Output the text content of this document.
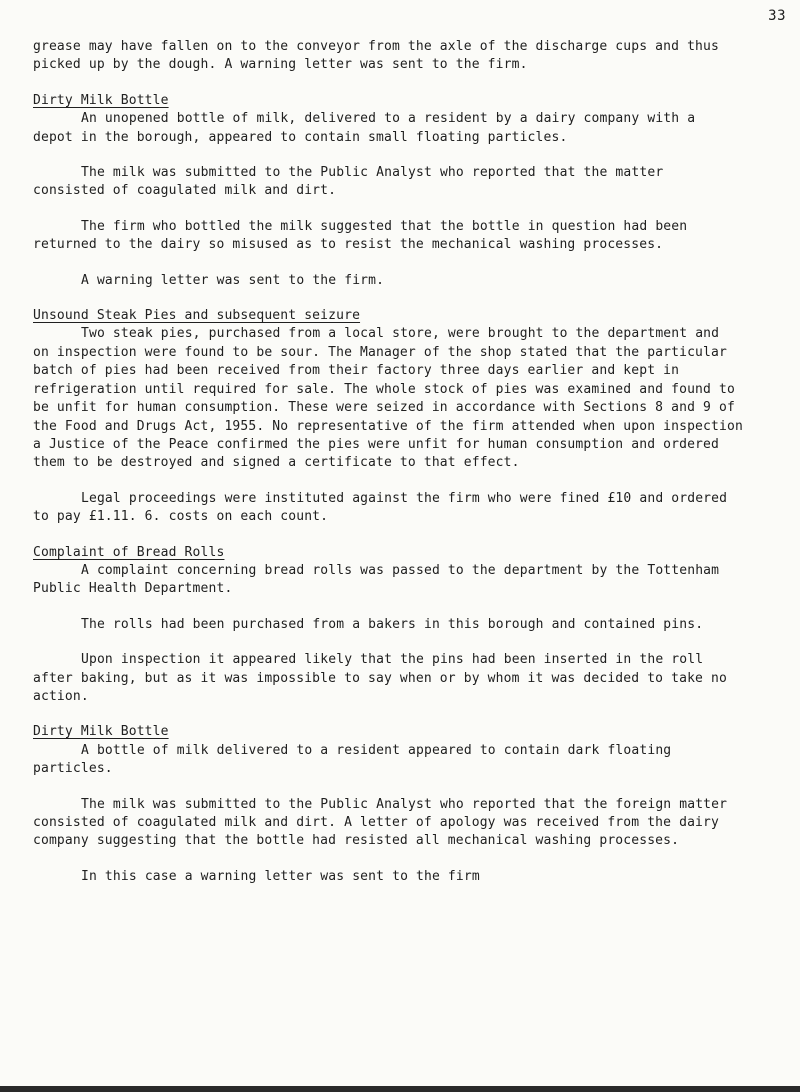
33

grease may have fallen on to the conveyor from the axle of the discharge cups and thus picked up by the dough. A warning letter was sent to the firm.

Dirty Milk Bottle

An unopened bottle of milk, delivered to a resident by a dairy company with a depot in the borough, appeared to contain small floating particles.

The milk was submitted to the Public Analyst who reported that the matter consisted of coagulated milk and dirt.

The firm who bottled the milk suggested that the bottle in question had been returned to the dairy so misused as to resist the mechanical washing processes.

A warning letter was sent to the firm.

Unsound Steak Pies and subsequent seizure

Two steak pies, purchased from a local store, were brought to the department and on inspection were found to be sour. The Manager of the shop stated that the particular batch of pies had been received from their factory three days earlier and kept in refrigeration until required for sale. The whole stock of pies was examined and found to be unfit for human consumption. These were seized in accordance with Sections 8 and 9 of the Food and Drugs Act, 1955. No representative of the firm attended when upon inspection a Justice of the Peace confirmed the pies were unfit for human consumption and ordered them to be destroyed and signed a certificate to that effect.

Legal proceedings were instituted against the firm who were fined £10 and ordered to pay £1.11. 6. costs on each count.

Complaint of Bread Rolls

A complaint concerning bread rolls was passed to the department by the Tottenham Public Health Department.

The rolls had been purchased from a bakers in this borough and contained pins.

Upon inspection it appeared likely that the pins had been inserted in the roll after baking, but as it was impossible to say when or by whom it was decided to take no action.

Dirty Milk Bottle

A bottle of milk delivered to a resident appeared to contain dark floating particles.

The milk was submitted to the Public Analyst who reported that the foreign matter consisted of coagulated milk and dirt. A letter of apology was received from the dairy company suggesting that the bottle had resisted all mechanical washing processes.

In this case a warning letter was sent to the firm
